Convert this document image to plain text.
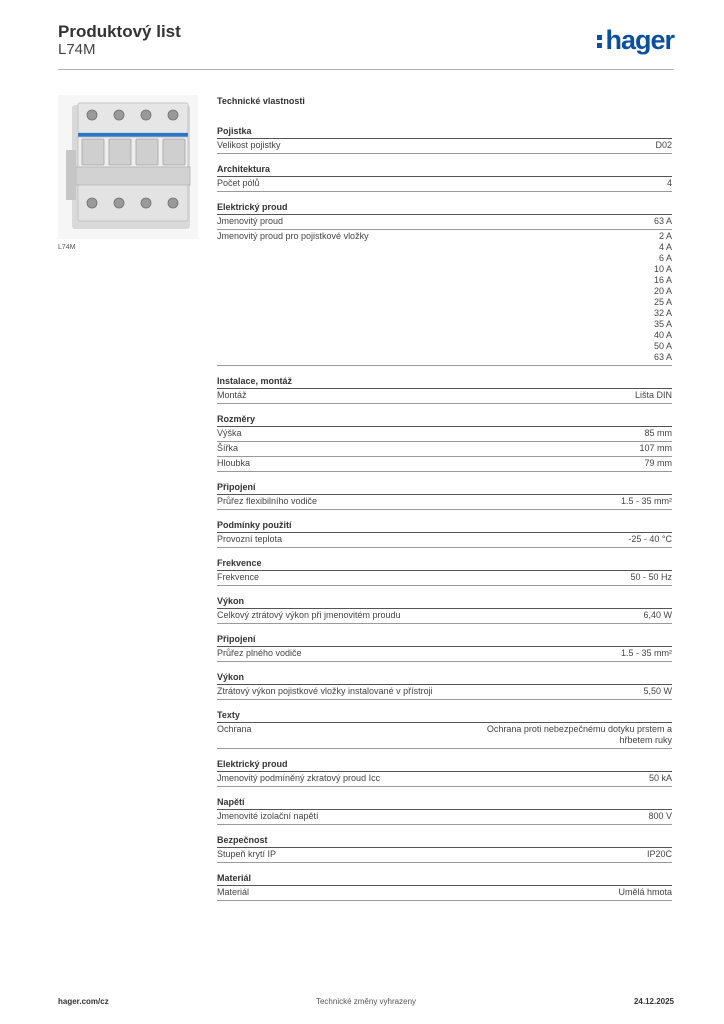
Produktový list
L74M	hager
L74M
Technické vlastnosti
Pojistka
Velikost pojistky	D02
Architektura
Počet pólů	4
Elektrický proud
Jmenovitý proud	63 A
Jmenovitý proud pro pojistkové vložky	2 A
4 A
6 A
10 A
16 A
20 A
25 A
32 A
35 A
40 A
50 A
63 A
Instalace, montáž
Montáž	Lišta DIN
Rozměry
Výška	85 mm
Šířka	107 mm
Hloubka	79 mm
Připojení
Průřez flexibilního vodiče	1.5 - 35 mm²
Podmínky použití
Provozní teplota	-25 - 40 °C
Frekvence
Frekvence	50 - 50 Hz
Výkon
Celkový ztrátový výkon při jmenovitém proudu	6,40 W
Připojení
Průřez plného vodiče	1.5 - 35 mm²
Výkon
Ztrátový výkon pojistkové vložky instalované v přístroji	5,50 W
Texty
Ochrana	Ochrana proti nebezpečnému dotyku prstem a
hřbetem ruky
Elektrický proud
Jmenovitý podmíněný zkratový proud Icc	50 kA
Napětí
Jmenovité izolační napětí	800 V
Bezpečnost
Stupeň krytí IP	IP20C
Materiál
Materiál	Umělá hmota
hager.com/cz	Technické změny vyhrazeny	24.12.2025
